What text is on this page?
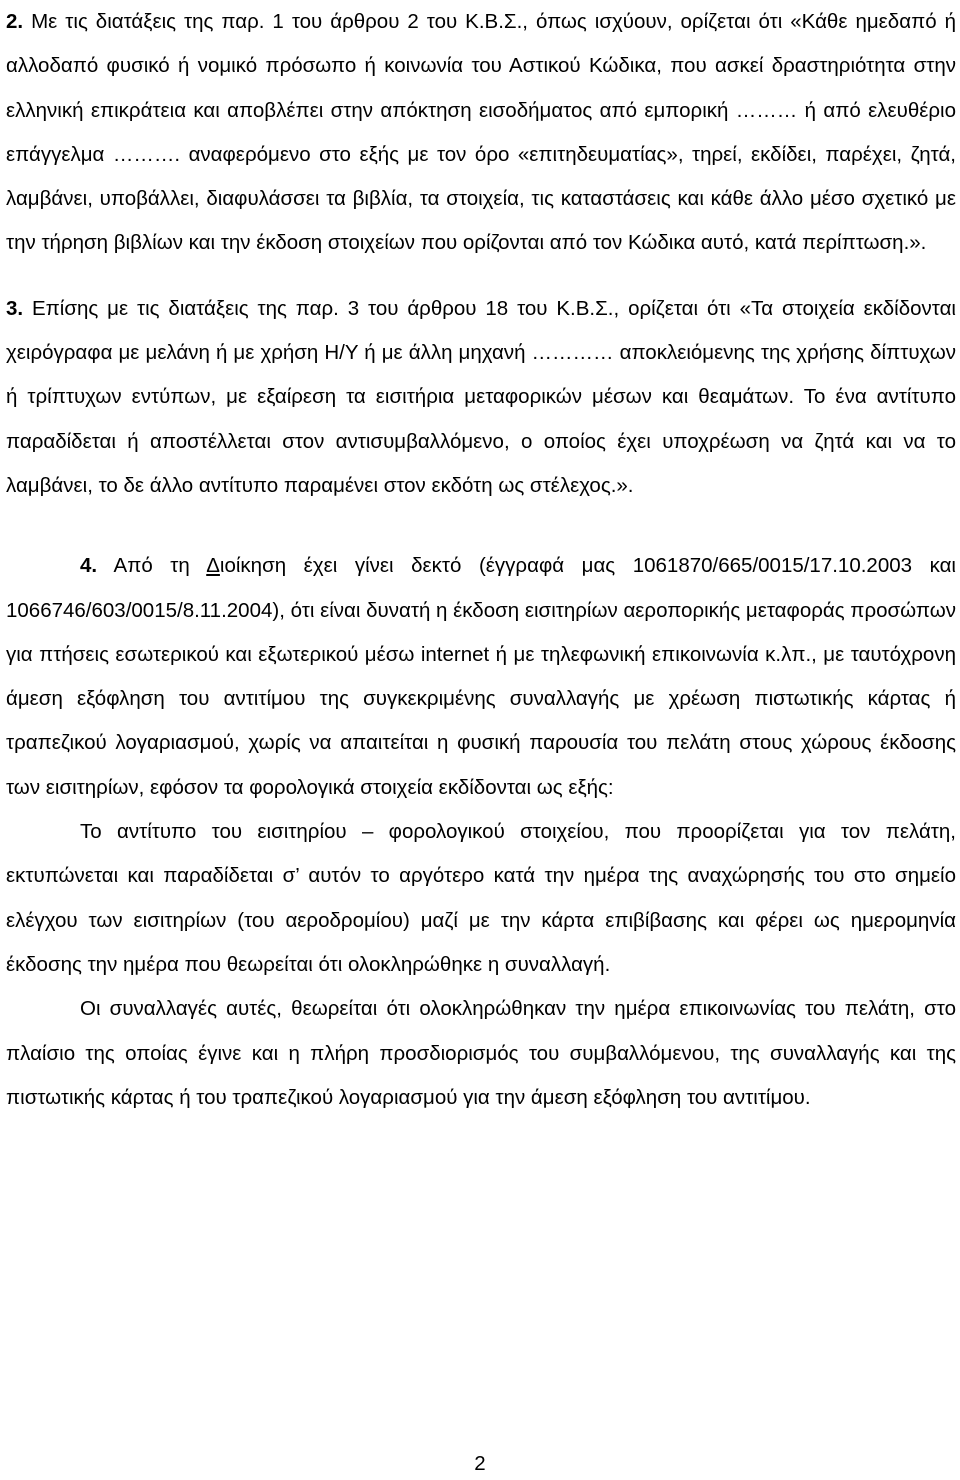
2. Με τις διατάξεις της παρ. 1 του άρθρου 2 του Κ.Β.Σ., όπως ισχύουν, ορίζεται ότι «Κάθε ημεδαπό ή αλλοδαπό φυσικό ή νομικό πρόσωπο ή κοινωνία του Αστικού Κώδικα, που ασκεί δραστηριότητα στην ελληνική επικράτεια και αποβλέπει στην απόκτηση εισοδήματος από εμπορική ……… ή από ελευθέριο επάγγελμα ………. αναφερόμενο στο εξής με τον όρο «επιτηδευματίας», τηρεί, εκδίδει, παρέχει, ζητά, λαμβάνει, υποβάλλει, διαφυλάσσει τα βιβλία, τα στοιχεία, τις καταστάσεις και κάθε άλλο μέσο σχετικό με την τήρηση βιβλίων και την έκδοση στοιχείων που ορίζονται από τον Κώδικα αυτό, κατά περίπτωση.».

3. Επίσης με τις διατάξεις της παρ. 3 του άρθρου 18 του Κ.Β.Σ., ορίζεται ότι «Τα στοιχεία εκδίδονται χειρόγραφα με μελάνη ή με χρήση Η/Υ ή με άλλη μηχανή ………… αποκλειόμενης της χρήσης δίπτυχων ή τρίπτυχων εντύπων, με εξαίρεση τα εισιτήρια μεταφορικών μέσων και θεαμάτων. Το ένα αντίτυπο παραδίδεται ή αποστέλλεται στον αντισυμβαλλόμενο, ο οποίος έχει υποχρέωση να ζητά και να το λαμβάνει, το δε άλλο αντίτυπο παραμένει στον εκδότη ως στέλεχος.».

4. Από τη Διοίκηση έχει γίνει δεκτό (έγγραφά μας 1061870/665/0015/17.10.2003 και 1066746/603/0015/8.11.2004), ότι είναι δυνατή η έκδοση εισιτηρίων αεροπορικής μεταφοράς προσώπων για πτήσεις εσωτερικού και εξωτερικού μέσω internet ή με τηλεφωνική επικοινωνία κ.λπ., με ταυτόχρονη άμεση εξόφληση του αντιτίμου της συγκεκριμένης συναλλαγής με χρέωση πιστωτικής κάρτας ή τραπεζικού λογαριασμού, χωρίς να απαιτείται η φυσική παρουσία του πελάτη στους χώρους έκδοσης των εισιτηρίων, εφόσον τα φορολογικά στοιχεία εκδίδονται ως εξής:

Το αντίτυπο του εισιτηρίου – φορολογικού στοιχείου, που προορίζεται για τον πελάτη, εκτυπώνεται και παραδίδεται σ’ αυτόν το αργότερο κατά την ημέρα της αναχώρησής του στο σημείο ελέγχου των εισιτηρίων (του αεροδρομίου) μαζί με την κάρτα επιβίβασης και φέρει ως ημερομηνία έκδοσης την ημέρα που θεωρείται ότι ολοκληρώθηκε η συναλλαγή.

Οι συναλλαγές αυτές, θεωρείται ότι ολοκληρώθηκαν την ημέρα επικοινωνίας του πελάτη, στο πλαίσιο της οποίας έγινε και η πλήρη προσδιορισμός του συμβαλλόμενου, της συναλλαγής και της πιστωτικής κάρτας ή του τραπεζικού λογαριασμού για την άμεση εξόφληση του αντιτίμου.

2
